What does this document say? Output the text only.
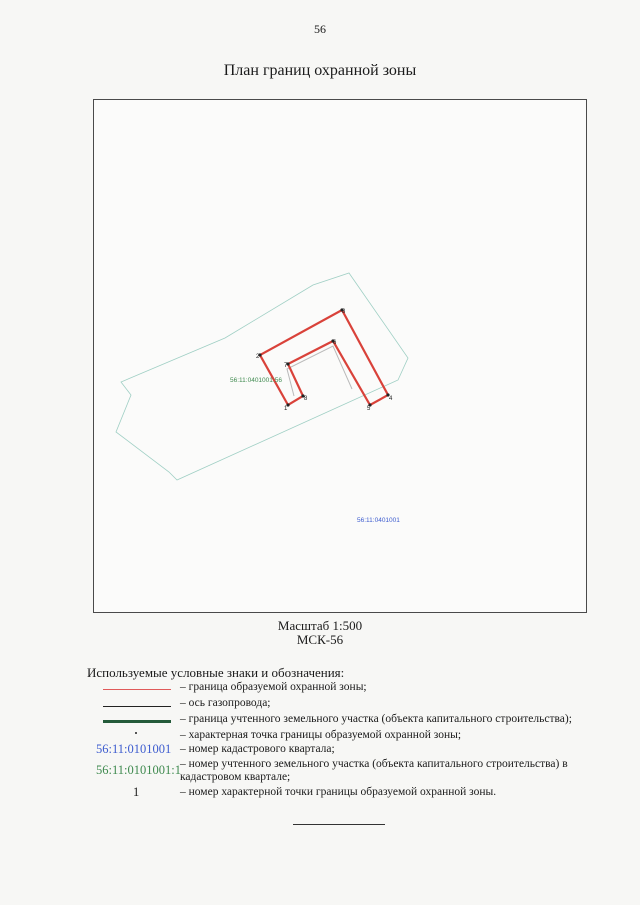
56
План границ охранной зоны
1
2
3
4
5
6
7
8
56:11:0401001:56
56:11:0401001
Масштаб 1:500
МСК-56
Используемые условные знаки и обозначения:
– граница образуемой охранной зоны;
– ось газопровода;
– граница учтенного земельного участка (объекта капитального строительства);
– характерная точка границы образуемой охранной зоны;
56:11:0101001 – номер кадастрового квартала;
56:11:0101001:1 – номер учтенного земельного участка (объекта капитального строительства) в кадастровом квартале;
1	– номер характерной точки границы образуемой охранной зоны.
